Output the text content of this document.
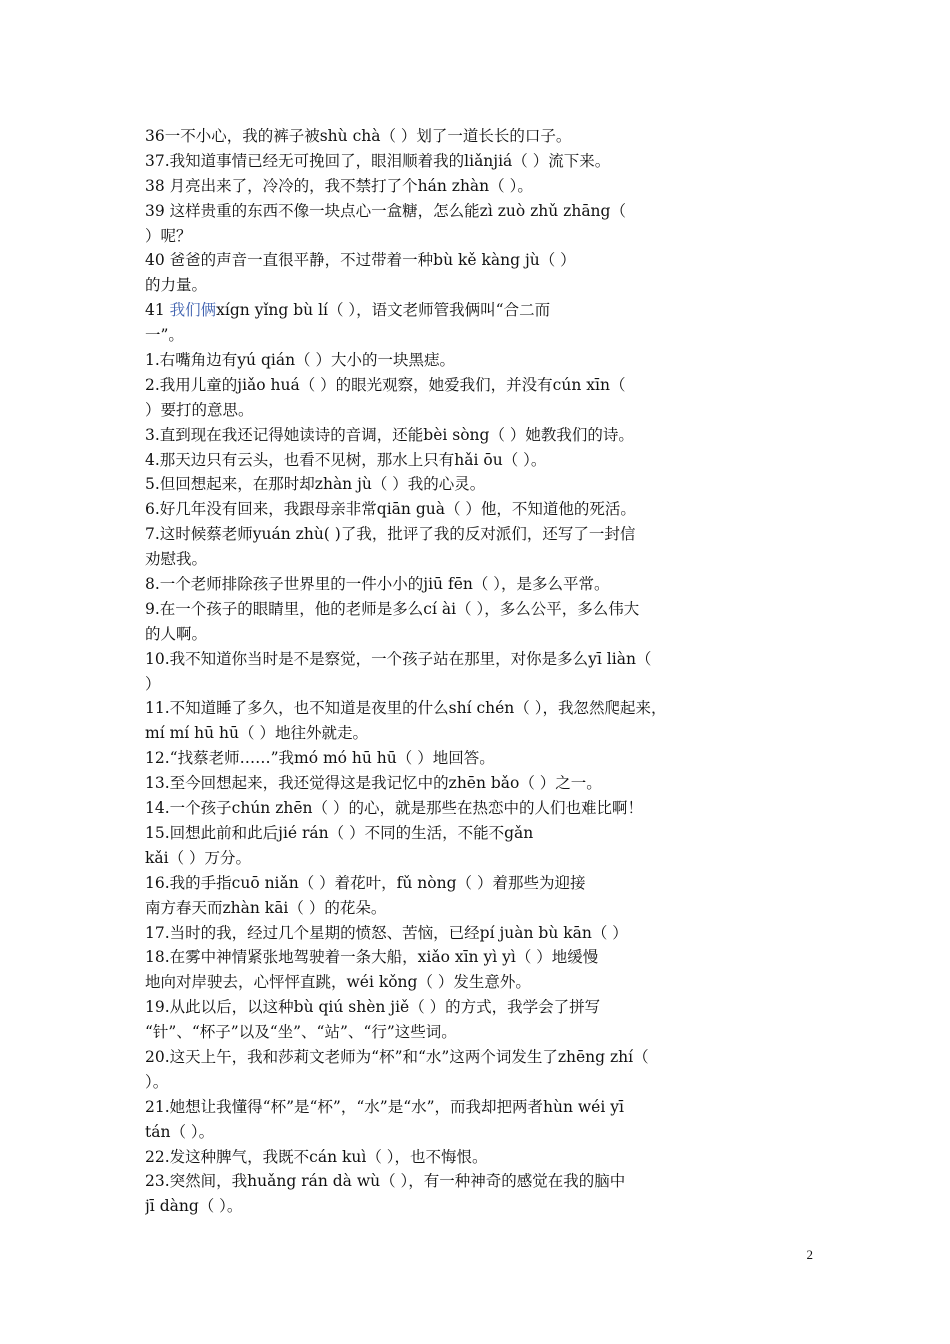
36一不小心，我的裤子被shù chà（ ）划了一道长长的口子。
37.我知道事情已经无可挽回了，眼泪顺着我的liǎnjiá（ ）流下来。
38 月亮出来了，冷冷的，我不禁打了个hán zhàn（ ）。
39 这样贵重的东西不像一块点心一盒糖，怎么能zì zuò zhǔ zhāng（
）呢？
40 爸爸的声音一直很平静，不过带着一种bù kě kàng jù（ ）
的力量。
41 我们俩xígn yǐng bù lí（ ），语文老师管我俩叫“合二而
一”。
1.右嘴角边有yú qián（ ）大小的一块黑痣。
2.我用儿童的jiǎo huá（ ）的眼光观察，她爱我们，并没有cún xīn（
）要打的意思。
3.直到现在我还记得她读诗的音调，还能bèi sòng（ ）她教我们的诗。
4.那天边只有云头，也看不见树，那水上只有hǎi ōu（ ）。
5.但回想起来，在那时却zhàn jù（ ）我的心灵。
6.好几年没有回来，我跟母亲非常qiān guà（ ）他，不知道他的死活。
7.这时候蔡老师yuán zhù( )了我，批评了我的反对派们，还写了一封信
劝慰我。
8.一个老师排除孩子世界里的一件小小的jiū fēn（ ），是多么平常。
9.在一个孩子的眼睛里，他的老师是多么cí ài（ ），多么公平，多么伟大
的人啊。
10.我不知道你当时是不是察觉，一个孩子站在那里，对你是多么yī liàn（
）
11.不知道睡了多久，也不知道是夜里的什么shí chén（ ），我忽然爬起来，
mí mí hū hū（ ）地往外就走。
12.“找蔡老师……”我mó mó hū hū（ ）地回答。
13.至今回想起来，我还觉得这是我记忆中的zhēn bǎo（ ）之一。
14.一个孩子chún zhēn（ ）的心，就是那些在热恋中的人们也难比啊！
15.回想此前和此后jié rán（ ）不同的生活，不能不gǎn
kǎi（ ）万分。
16.我的手指cuō niǎn（ ）着花叶，fǔ nòng（ ）着那些为迎接
南方春天而zhàn kāi（ ）的花朵。
17.当时的我，经过几个星期的愤怒、苦恼，已经pí juàn bù kān（ ）
18.在雾中神情紧张地驾驶着一条大船，xiǎo xīn yì yì（ ）地缓慢
地向对岸驶去，心怦怦直跳，wéi kǒng（ ）发生意外。
19.从此以后，以这种bù qiú shèn jiě（ ）的方式，我学会了拼写
“针”、“杯子”以及“坐”、“站”、“行”这些词。
20.这天上午，我和莎莉文老师为“杯”和“水”这两个词发生了zhēng zhí（
）。
21.她想让我懂得“杯”是“杯”，“水”是“水”，而我却把两者hùn wéi yī
tán（ ）。
22.发这种脾气，我既不cán kuì（ ），也不悔恨。
23.突然间，我huǎng rán dà wù（ ），有一种神奇的感觉在我的脑中
jī dàng（ ）。
2
